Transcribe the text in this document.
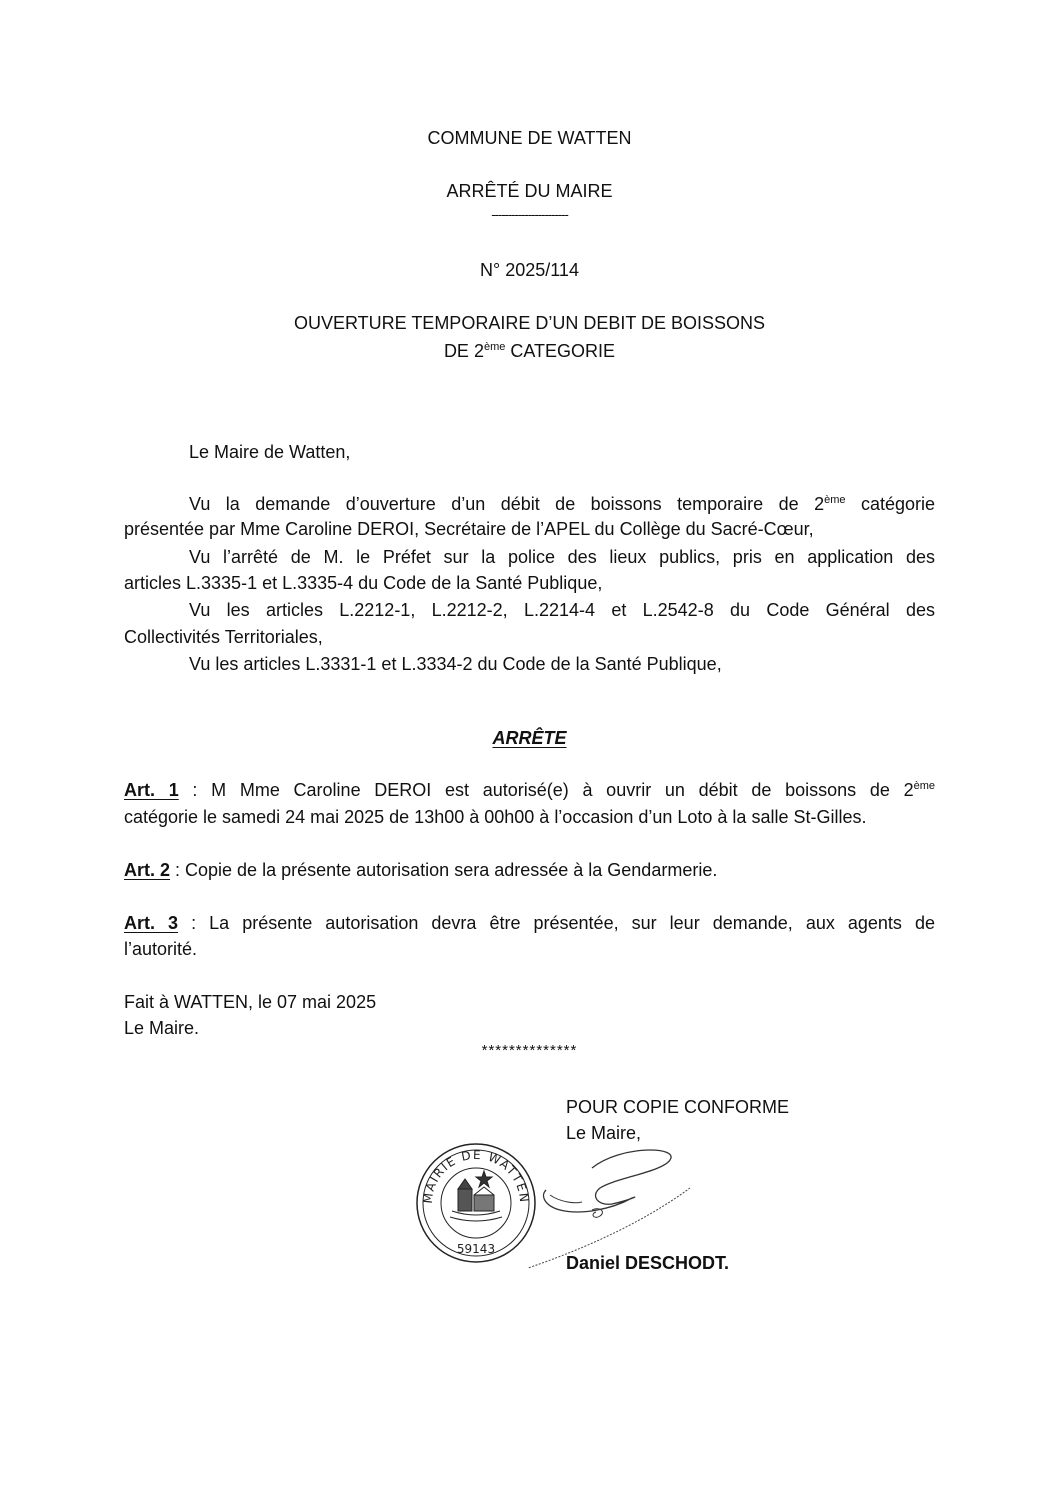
COMMUNE DE WATTEN
ARRÊTÉ DU MAIRE
-----------------------
N° 2025/114
OUVERTURE TEMPORAIRE D’UN DEBIT DE BOISSONS
DE 2ème CATEGORIE
Le Maire de Watten,
Vu la demande d’ouverture d’un débit de boissons temporaire de 2ème catégorie
présentée par Mme Caroline DEROI, Secrétaire de l’APEL du Collège du Sacré-Cœur,
Vu l’arrêté de M. le Préfet sur la police des lieux publics, pris en application des
articles L.3335-1 et L.3335-4 du Code de la Santé Publique,
Vu les articles L.2212-1, L.2212-2, L.2214-4 et L.2542-8 du Code Général des
Collectivités Territoriales,
Vu les articles L.3331-1 et L.3334-2 du Code de la Santé Publique,
ARRÊTE
Art. 1 : M Mme Caroline DEROI est autorisé(e) à ouvrir un débit de boissons de 2ème
catégorie le samedi 24 mai 2025 de 13h00 à 00h00 à l’occasion d’un Loto à la salle St-Gilles.
Art. 2 : Copie de la présente autorisation sera adressée à la Gendarmerie.
Art. 3 : La présente autorisation devra être présentée, sur leur demande, aux agents de
l’autorité.
Fait à WATTEN, le 07 mai 2025
Le Maire.
**************
POUR COPIE CONFORME
Le Maire,
Daniel DESCHODT.
MAIRIE DE WATTEN
59143
